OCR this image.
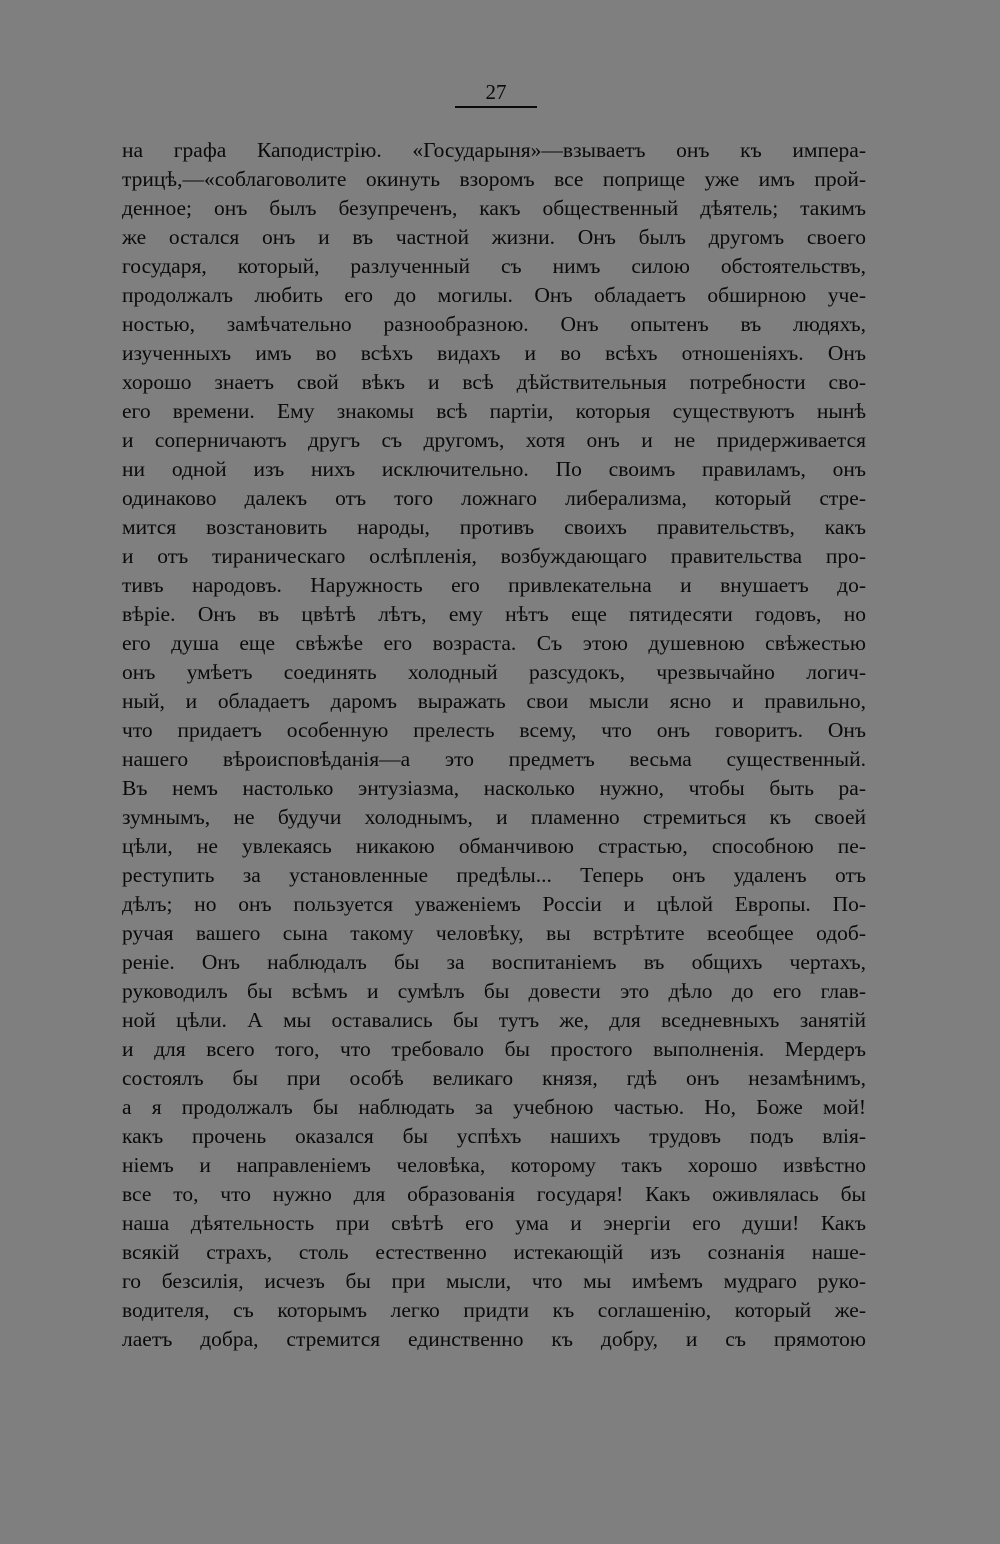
27
на графа Каподистрію. «Государыня»—взываетъ онъ къ импера-
трицѣ,—«соблаговолите окинуть взоромъ все поприще уже имъ прой-
денное; онъ былъ безупреченъ, какъ общественный дѣятель; такимъ
же остался онъ и въ частной жизни. Онъ былъ другомъ своего
государя, который, разлученный съ нимъ силою обстоятельствъ,
продолжалъ любить его до могилы. Онъ обладаетъ обширною уче-
ностью, замѣчательно разнообразною. Онъ опытенъ въ людяхъ,
изученныхъ имъ во всѣхъ видахъ и во всѣхъ отношеніяхъ. Онъ
хорошо знаетъ свой вѣкъ и всѣ дѣйствительныя потребности сво-
его времени. Ему знакомы всѣ партіи, которыя существуютъ нынѣ
и соперничаютъ другъ съ другомъ, хотя онъ и не придерживается
ни одной изъ нихъ исключительно. По своимъ правиламъ, онъ
одинаково далекъ отъ того ложнаго либерализма, который стре-
мится возстановить народы, противъ своихъ правительствъ, какъ
и отъ тираническаго ослѣпленія, возбуждающаго правительства про-
тивъ народовъ. Наружность его привлекательна и внушаетъ до-
вѣріе. Онъ въ цвѣтѣ лѣтъ, ему нѣтъ еще пятидесяти годовъ, но
его душа еще свѣжѣе его возраста. Съ этою душевною свѣжестью
онъ умѣетъ соединять холодный разсудокъ, чрезвычайно логич-
ный, и обладаетъ даромъ выражать свои мысли ясно и правильно,
что придаетъ особенную прелесть всему, что онъ говоритъ. Онъ
нашего вѣроисповѣданія—а это предметъ весьма существенный.
Въ немъ настолько энтузіазма, насколько нужно, чтобы быть ра-
зумнымъ, не будучи холоднымъ, и пламенно стремиться къ своей
цѣли, не увлекаясь никакою обманчивою страстью, способною пе-
реступить за установленные предѣлы... Теперь онъ удаленъ отъ
дѣлъ; но онъ пользуется уваженіемъ Россіи и цѣлой Европы. По-
ручая вашего сына такому человѣку, вы встрѣтите всеобщее одоб-
реніе. Онъ наблюдалъ бы за воспитаніемъ въ общихъ чертахъ,
руководилъ бы всѣмъ и сумѣлъ бы довести это дѣло до его глав-
ной цѣли. А мы оставались бы тутъ же, для вседневныхъ занятій
и для всего того, что требовало бы простого выполненія. Мердеръ
состоялъ бы при особѣ великаго князя, гдѣ онъ незамѣнимъ,
а я продолжалъ бы наблюдать за учебною частью. Но, Боже мой!
какъ прочень оказался бы успѣхъ нашихъ трудовъ подъ влія-
ніемъ и направленіемъ человѣка, которому такъ хорошо извѣстно
все то, что нужно для образованія государя! Какъ оживлялась бы
наша дѣятельность при свѣтѣ его ума и энергіи его души! Какъ
всякій страхъ, столь естественно истекающій изъ сознанія наше-
го безсилія, исчезъ бы при мысли, что мы имѣемъ мудраго руко-
водителя, съ которымъ легко придти къ соглашенію, который же-
лаетъ добра, стремится единственно къ добру, и съ прямотою
